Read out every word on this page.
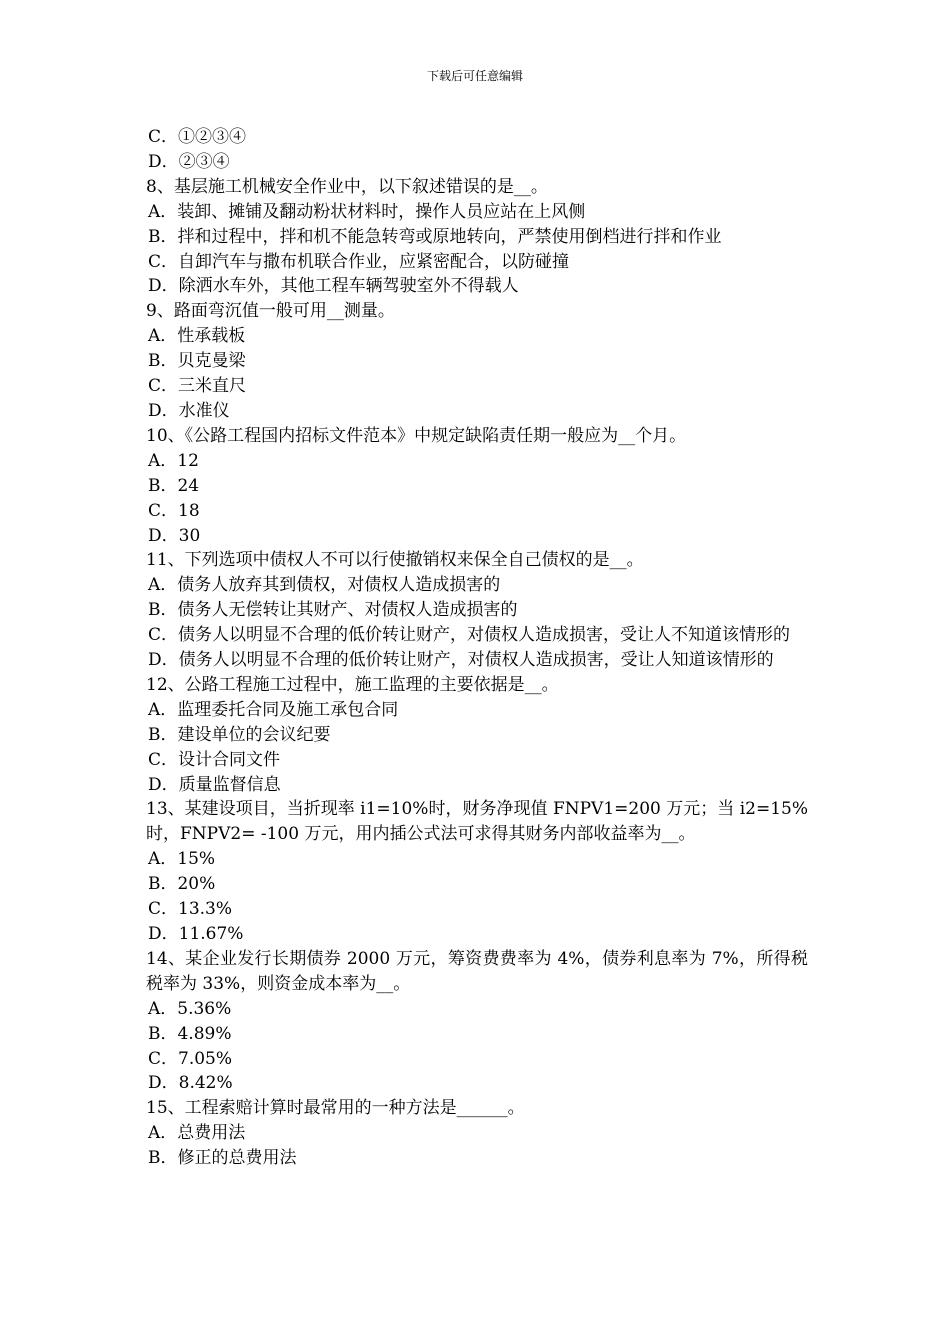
下载后可任意编辑

C．①②③④

D．②③④

8、基层施工机械安全作业中，以下叙述错误的是__。

A．装卸、摊铺及翻动粉状材料时，操作人员应站在上风侧

B．拌和过程中，拌和机不能急转弯或原地转向，严禁使用倒档进行拌和作业

C．自卸汽车与撒布机联合作业，应紧密配合，以防碰撞

D．除洒水车外，其他工程车辆驾驶室外不得载人

9、路面弯沉值一般可用__测量。

A．性承载板

B．贝克曼梁

C．三米直尺

D．水准仪

10、《公路工程国内招标文件范本》中规定缺陷责任期一般应为__个月。

A．12

B．24

C．18

D．30

11、下列选项中债权人不可以行使撤销权来保全自己债权的是__。

A．债务人放弃其到债权，对债权人造成损害的

B．债务人无偿转让其财产、对债权人造成损害的

C．债务人以明显不合理的低价转让财产，对债权人造成损害，受让人不知道该情形的

D．债务人以明显不合理的低价转让财产，对债权人造成损害，受让人知道该情形的

12、公路工程施工过程中，施工监理的主要依据是__。

A．监理委托合同及施工承包合同

B．建设单位的会议纪要

C．设计合同文件

D．质量监督信息

13、某建设项目，当折现率 i1=10%时，财务净现值 FNPV1=200 万元；当 i2=15%时，FNPV2= -100 万元，用内插公式法可求得其财务内部收益率为__。

A．15%

B．20%

C．13.3%

D．11.67%

14、某企业发行长期债券 2000 万元，筹资费费率为 4%，债券利息率为 7%，所得税税率为 33%，则资金成本率为__。

A．5.36%

B．4.89%

C．7.05%

D．8.42%

15、工程索赔计算时最常用的一种方法是______。

A．总费用法

B．修正的总费用法
